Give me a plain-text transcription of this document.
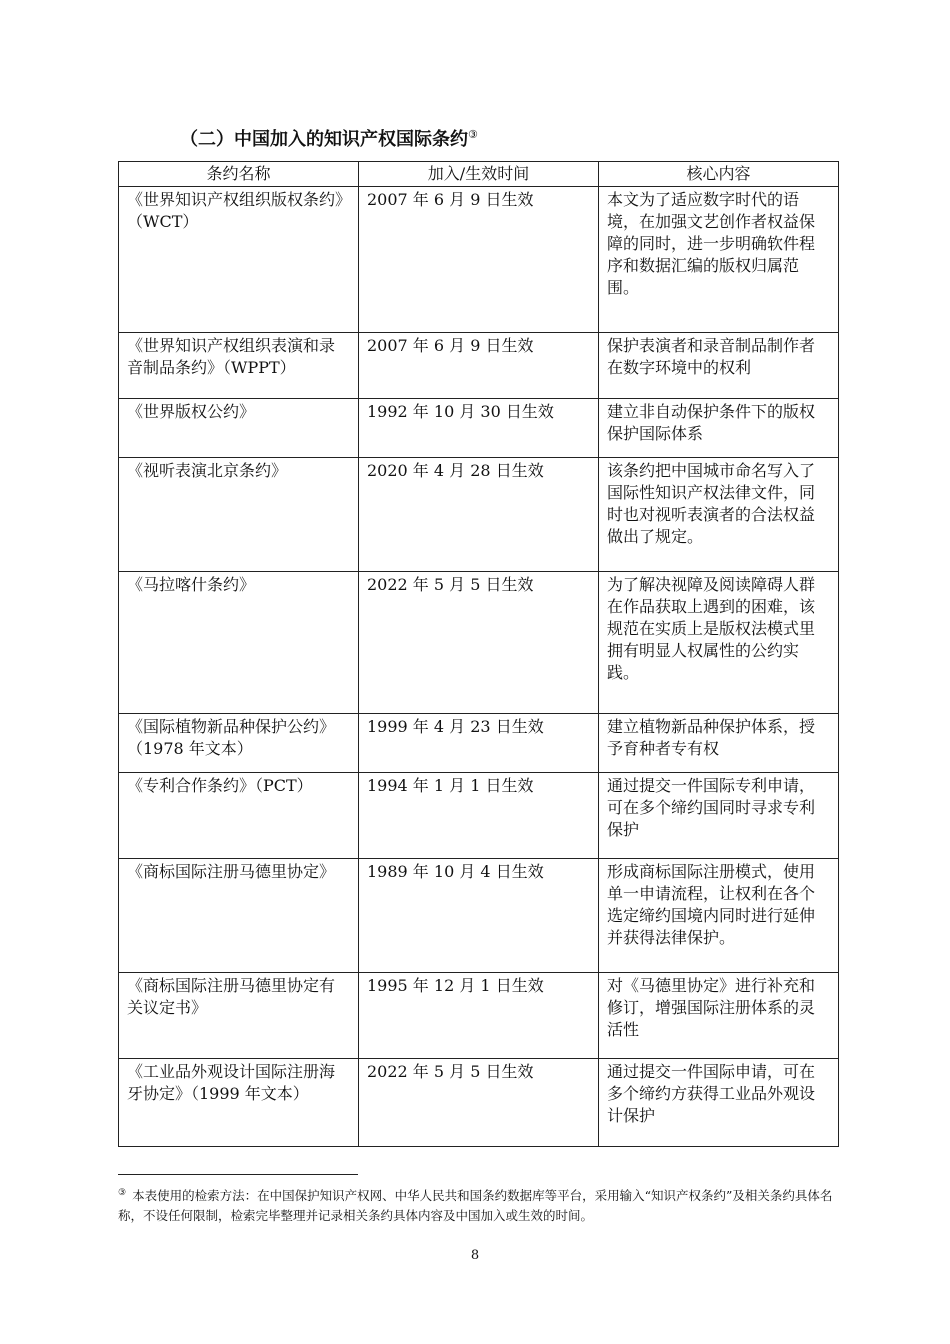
（二）中国加入的知识产权国际条约③
条约名称	加入/生效时间	核心内容
《世界知识产权组织版权条约》（WCT）	2007 年 6 月 9 日生效	本文为了适应数字时代的语境，在加强文艺创作者权益保障的同时，进一步明确软件程序和数据汇编的版权归属范围。
《世界知识产权组织表演和录音制品条约》（WPPT）	2007 年 6 月 9 日生效	保护表演者和录音制品制作者在数字环境中的权利
《世界版权公约》	1992 年 10 月 30 日生效	建立非自动保护条件下的版权保护国际体系
《视听表演北京条约》	2020 年 4 月 28 日生效	该条约把中国城市命名写入了国际性知识产权法律文件，同时也对视听表演者的合法权益做出了规定。
《马拉喀什条约》	2022 年 5 月 5 日生效	为了解决视障及阅读障碍人群在作品获取上遇到的困难，该规范在实质上是版权法模式里拥有明显人权属性的公约实践。
《国际植物新品种保护公约》（1978 年文本）	1999 年 4 月 23 日生效	建立植物新品种保护体系，授予育种者专有权
《专利合作条约》（PCT）	1994 年 1 月 1 日生效	通过提交一件国际专利申请，可在多个缔约国同时寻求专利保护
《商标国际注册马德里协定》	1989 年 10 月 4 日生效	形成商标国际注册模式，使用单一申请流程，让权利在各个选定缔约国境内同时进行延伸并获得法律保护。
《商标国际注册马德里协定有关议定书》	1995 年 12 月 1 日生效	对《马德里协定》进行补充和修订，增强国际注册体系的灵活性
《工业品外观设计国际注册海牙协定》（1999 年文本）	2022 年 5 月 5 日生效	通过提交一件国际申请，可在多个缔约方获得工业品外观设计保护
③ 本表使用的检索方法：在中国保护知识产权网、中华人民共和国条约数据库等平台，采用输入“知识产权条约”及相关条约具体名称，不设任何限制，检索完毕整理并记录相关条约具体内容及中国加入或生效的时间。
8
